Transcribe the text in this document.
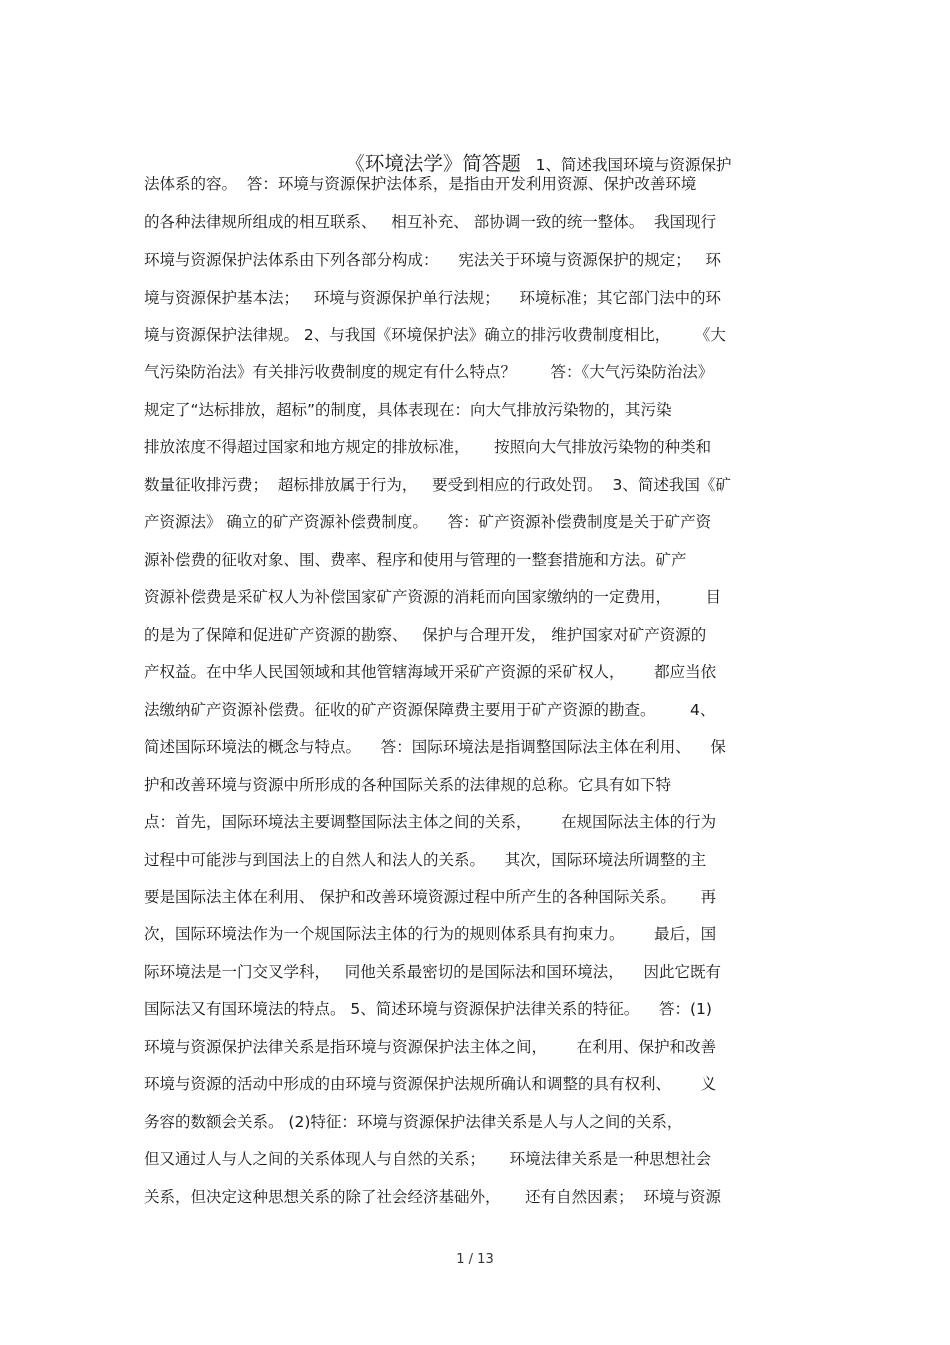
《环境法学》简答题   1、简述我国环境与资源保护

法体系的容。  答：环境与资源保护法体系，是指由开发利用资源、保护改善环境
的各种法律规所组成的相互联系、   相互补充、 部协调一致的统一整体。  我国现行
环境与资源保护法体系由下列各部分构成：    宪法关于环境与资源保护的规定；   环
境与资源保护基本法；   环境与资源保护单行法规；    环境标准；其它部门法中的环
境与资源保护法律规。 2、与我国《环境保护法》确立的排污收费制度相比，     《大
气污染防治法》有关排污收费制度的规定有什么特点？       答：《大气污染防治法》
规定了“达标排放，超标”的制度，具体表现在：向大气排放污染物的，其污染
排放浓度不得超过国家和地方规定的排放标准，     按照向大气排放污染物的种类和
数量征收排污费；  超标排放属于行为，   要受到相应的行政处罚。  3、简述我国《矿
产资源法》 确立的矿产资源补偿费制度。    答：矿产资源补偿费制度是关于矿产资
源补偿费的征收对象、围、费率、程序和使用与管理的一整套措施和方法。矿产
资源补偿费是采矿权人为补偿国家矿产资源的消耗而向国家缴纳的一定费用，       目
的是为了保障和促进矿产资源的勘察、   保护与合理开发， 维护国家对矿产资源的
产权益。在中华人民国领域和其他管辖海域开采矿产资源的采矿权人，      都应当依
法缴纳矿产资源补偿费。征收的矿产资源保障费主要用于矿产资源的勘查。       4、
简述国际环境法的概念与特点。    答：国际环境法是指调整国际法主体在利用、    保
护和改善环境与资源中所形成的各种国际关系的法律规的总称。它具有如下特
点：首先，国际环境法主要调整国际法主体之间的关系，      在规国际法主体的行为
过程中可能涉与到国法上的自然人和法人的关系。    其次，国际环境法所调整的主
要是国际法主体在利用、 保护和改善环境资源过程中所产生的各种国际关系。     再
次，国际环境法作为一个规国际法主体的行为的规则体系具有拘束力。      最后，国
际环境法是一门交叉学科，   同他关系最密切的是国际法和国环境法，    因此它既有
国际法又有国环境法的特点。 5、简述环境与资源保护法律关系的特征。    答：(1)
环境与资源保护法律关系是指环境与资源保护法主体之间，      在利用、保护和改善
环境与资源的活动中形成的由环境与资源保护法规所确认和调整的具有权利、      义
务容的数额会关系。 (2)特征：环境与资源保护法律关系是人与人之间的关系，
但又通过人与人之间的关系体现人与自然的关系；     环境法律关系是一种思想社会
关系，但决定这种思想关系的除了社会经济基础外，     还有自然因素；  环境与资源
1 / 13
